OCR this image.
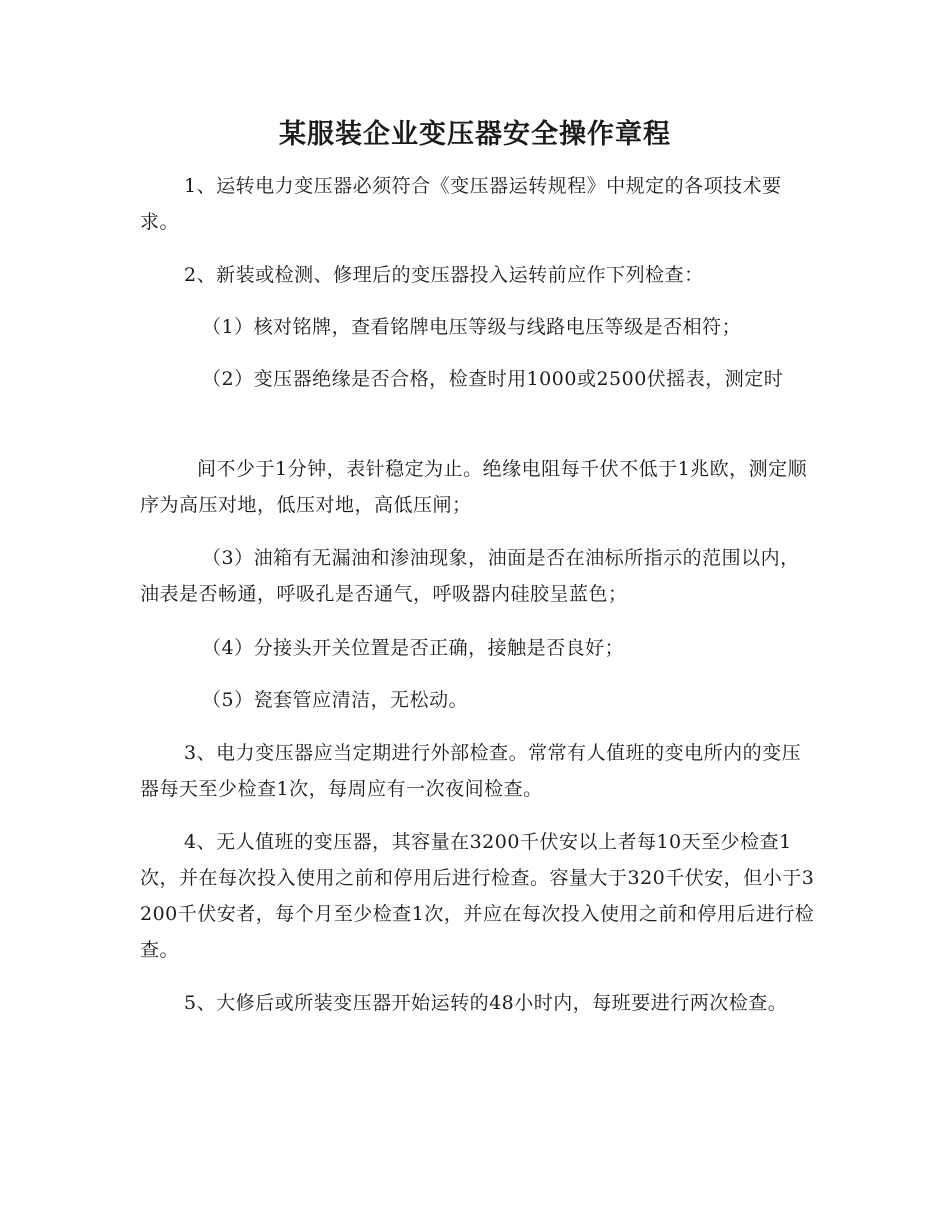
某服装企业变压器安全操作章程

1、运转电力变压器必须符合《变压器运转规程》中规定的各项技术要求。

2、新装或检测、修理后的变压器投入运转前应作下列检查：

（1）核对铭牌，查看铭牌电压等级与线路电压等级是否相符；

（2）变压器绝缘是否合格，检查时用1000或2500伏摇表，测定时

间不少于1分钟，表针稳定为止。绝缘电阻每千伏不低于1兆欧，测定顺序为高压对地，低压对地，高低压闸；

（3）油箱有无漏油和渗油现象，油面是否在油标所指示的范围以内，油表是否畅通，呼吸孔是否通气，呼吸器内硅胶呈蓝色；

（4）分接头开关位置是否正确，接触是否良好；

（5）瓷套管应清洁，无松动。

3、电力变压器应当定期进行外部检查。常常有人值班的变电所内的变压器每天至少检查1次，每周应有一次夜间检查。

4、无人值班的变压器，其容量在3200千伏安以上者每10天至少检查1次，并在每次投入使用之前和停用后进行检查。容量大于320千伏安，但小于3200千伏安者，每个月至少检查1次，并应在每次投入使用之前和停用后进行检查。

5、大修后或所装变压器开始运转的48小时内，每班要进行两次检查。
